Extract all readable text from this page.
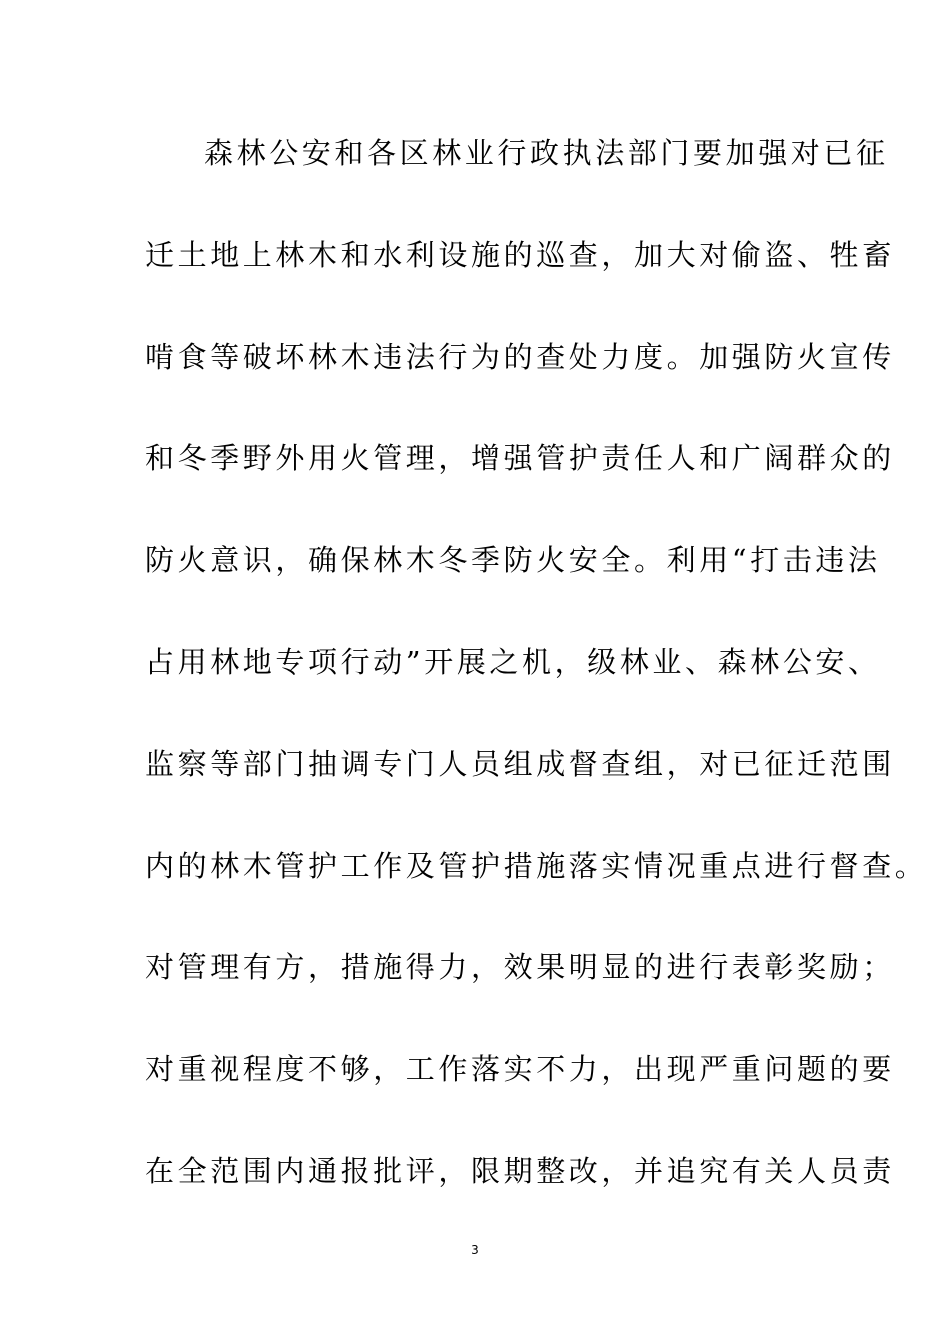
森林公安和各区林业行政执法部门要加强对已征
迁土地上林木和水利设施的巡查，加大对偷盗、牲畜
啃食等破坏林木违法行为的查处力度。加强防火宣传
和冬季野外用火管理，增强管护责任人和广阔群众的
防火意识，确保林木冬季防火安全。利用“打击违法
占用林地专项行动”开展之机，级林业、森林公安、
监察等部门抽调专门人员组成督查组，对已征迁范围
内的林木管护工作及管护措施落实情况重点进行督查。
对管理有方，措施得力，效果明显的进行表彰奖励；
对重视程度不够，工作落实不力，出现严重问题的要
在全范围内通报批评，限期整改，并追究有关人员责
3
